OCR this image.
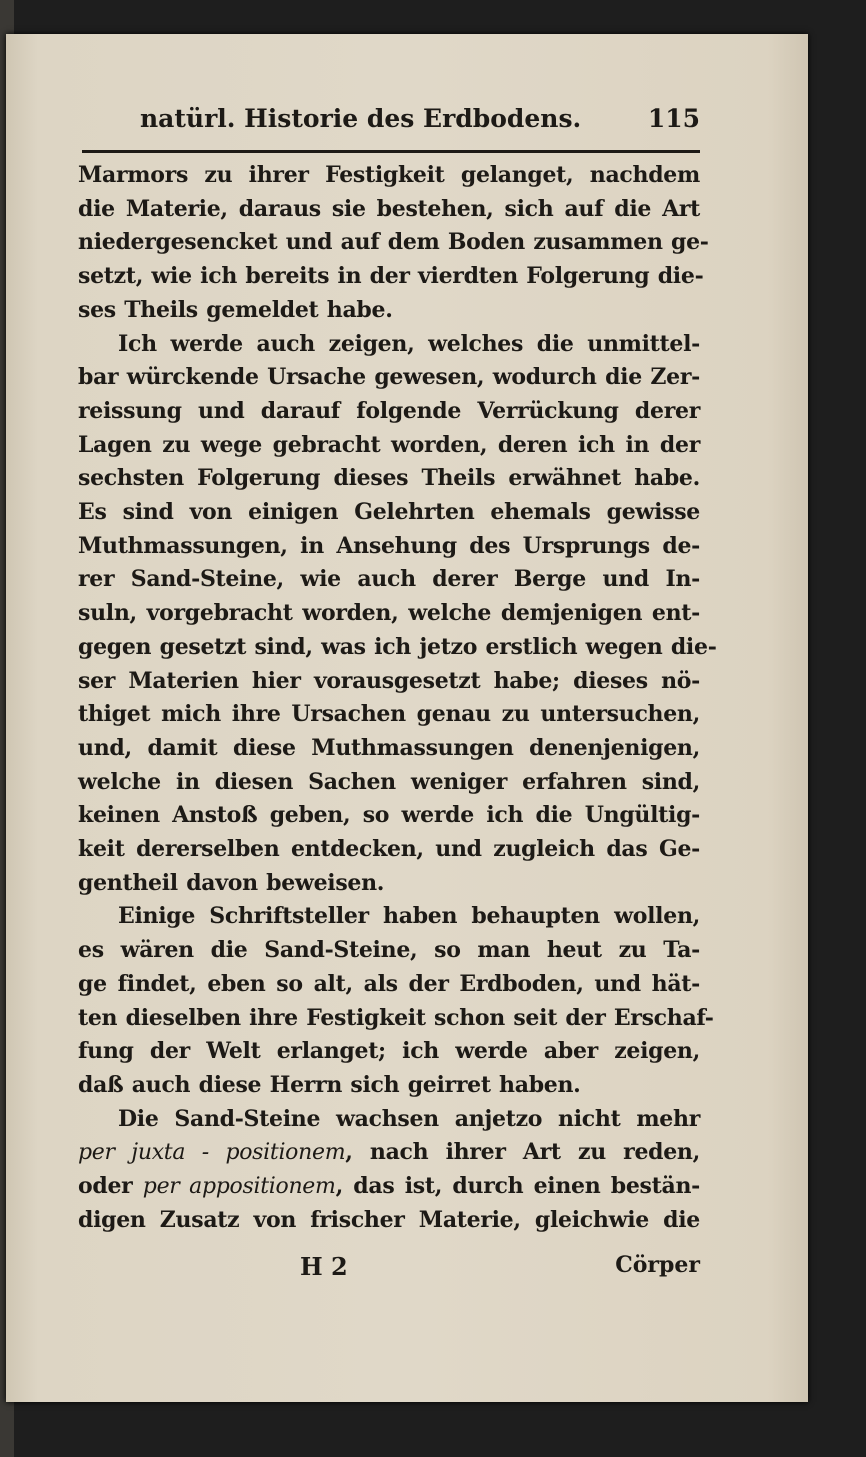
natürl. Historie des Erdbodens.	115
Marmors zu ihrer Festigkeit gelanget, nachdem
die Materie, daraus sie bestehen, sich auf die Art
niedergesencket und auf dem Boden zusammen ge-
setzt, wie ich bereits in der vierdten Folgerung die-
ses Theils gemeldet habe.
Ich werde auch zeigen, welches die unmittel-
bar würckende Ursache gewesen, wodurch die Zer-
reissung und darauf folgende Verrückung derer
Lagen zu wege gebracht worden, deren ich in der
sechsten Folgerung dieses Theils erwähnet habe.
Es sind von einigen Gelehrten ehemals gewisse
Muthmassungen, in Ansehung des Ursprungs de-
rer Sand-Steine, wie auch derer Berge und In-
suln, vorgebracht worden, welche demjenigen ent-
gegen gesetzt sind, was ich jetzo erstlich wegen die-
ser Materien hier vorausgesetzt habe; dieses nö-
thiget mich ihre Ursachen genau zu untersuchen,
und, damit diese Muthmassungen denenjenigen,
welche in diesen Sachen weniger erfahren sind,
keinen Anstoß geben, so werde ich die Ungültig-
keit dererselben entdecken, und zugleich das Ge-
gentheil davon beweisen.
Einige Schriftsteller haben behaupten wollen,
es wären die Sand-Steine, so man heut zu Ta-
ge findet, eben so alt, als der Erdboden, und hät-
ten dieselben ihre Festigkeit schon seit der Erschaf-
fung der Welt erlanget; ich werde aber zeigen,
daß auch diese Herrn sich geirret haben.
Die Sand-Steine wachsen anjetzo nicht mehr
per juxta - positionem, nach ihrer Art zu reden,
oder per appositionem, das ist, durch einen bestän-
digen Zusatz von frischer Materie, gleichwie die
H 2	Cörper
